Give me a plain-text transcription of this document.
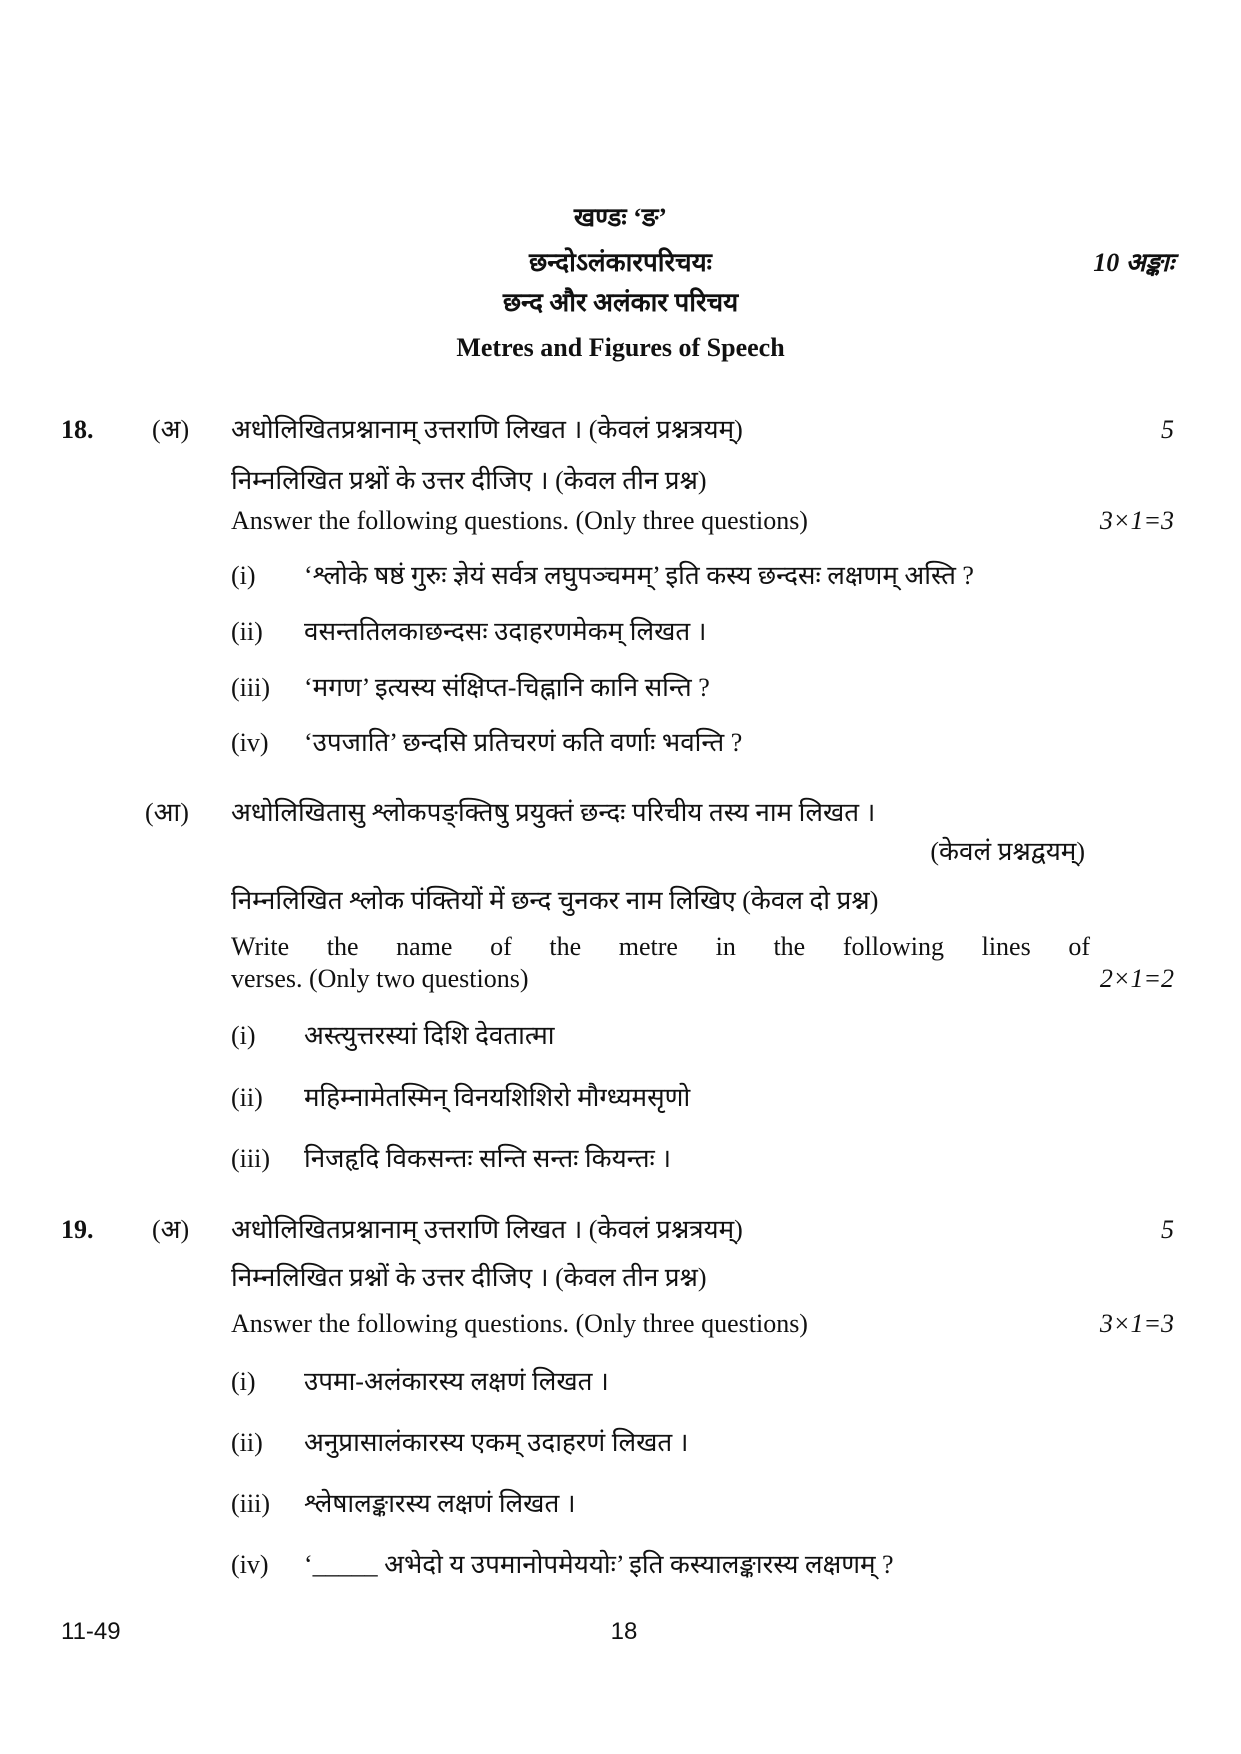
खण्डः ‘ङ’
छन्दोऽलंकारपरिचयः	10 अङ्काः
छन्द और अलंकार परिचय
Metres and Figures of Speech
18. (अ) अधोलिखितप्रश्नानाम् उत्तराणि लिखत । (केवलं प्रश्नत्रयम्)	5
निम्नलिखित प्रश्नों के उत्तर दीजिए । (केवल तीन प्रश्न)
Answer the following questions. (Only three questions)	3×1=3
(i) ‘श्लोके षष्ठं गुरुः ज्ञेयं सर्वत्र लघुपञ्चमम्’ इति कस्य छन्दसः लक्षणम् अस्ति ?
(ii) वसन्ततिलकाछन्दसः उदाहरणमेकम् लिखत ।
(iii) ‘मगण’ इत्यस्य संक्षिप्त-चिह्नानि कानि सन्ति ?
(iv) ‘उपजाति’ छन्दसि प्रतिचरणं कति वर्णाः भवन्ति ?
(आ) अधोलिखितासु श्लोकपङ्क्तिषु प्रयुक्तं छन्दः परिचीय तस्य नाम लिखत ।
(केवलं प्रश्नद्वयम्)
निम्नलिखित श्लोक पंक्तियों में छन्द चुनकर नाम लिखिए (केवल दो प्रश्न)
Write the name of the metre in the following lines of
verses. (Only two questions)	2×1=2
(i) अस्त्युत्तरस्यां दिशि देवतात्मा
(ii) महिम्नामेतस्मिन् विनयशिशिरो मौग्ध्यमसृणो
(iii) निजहृदि विकसन्तः सन्ति सन्तः कियन्तः ।
19. (अ) अधोलिखितप्रश्नानाम् उत्तराणि लिखत । (केवलं प्रश्नत्रयम्)	5
निम्नलिखित प्रश्नों के उत्तर दीजिए । (केवल तीन प्रश्न)
Answer the following questions. (Only three questions)	3×1=3
(i) उपमा-अलंकारस्य लक्षणं लिखत ।
(ii) अनुप्रासालंकारस्य एकम् उदाहरणं लिखत ।
(iii) श्लेषालङ्कारस्य लक्षणं लिखत ।
(iv) ‘_____ अभेदो य उपमानोपमेययोः’ इति कस्यालङ्कारस्य लक्षणम् ?
11-49	18
